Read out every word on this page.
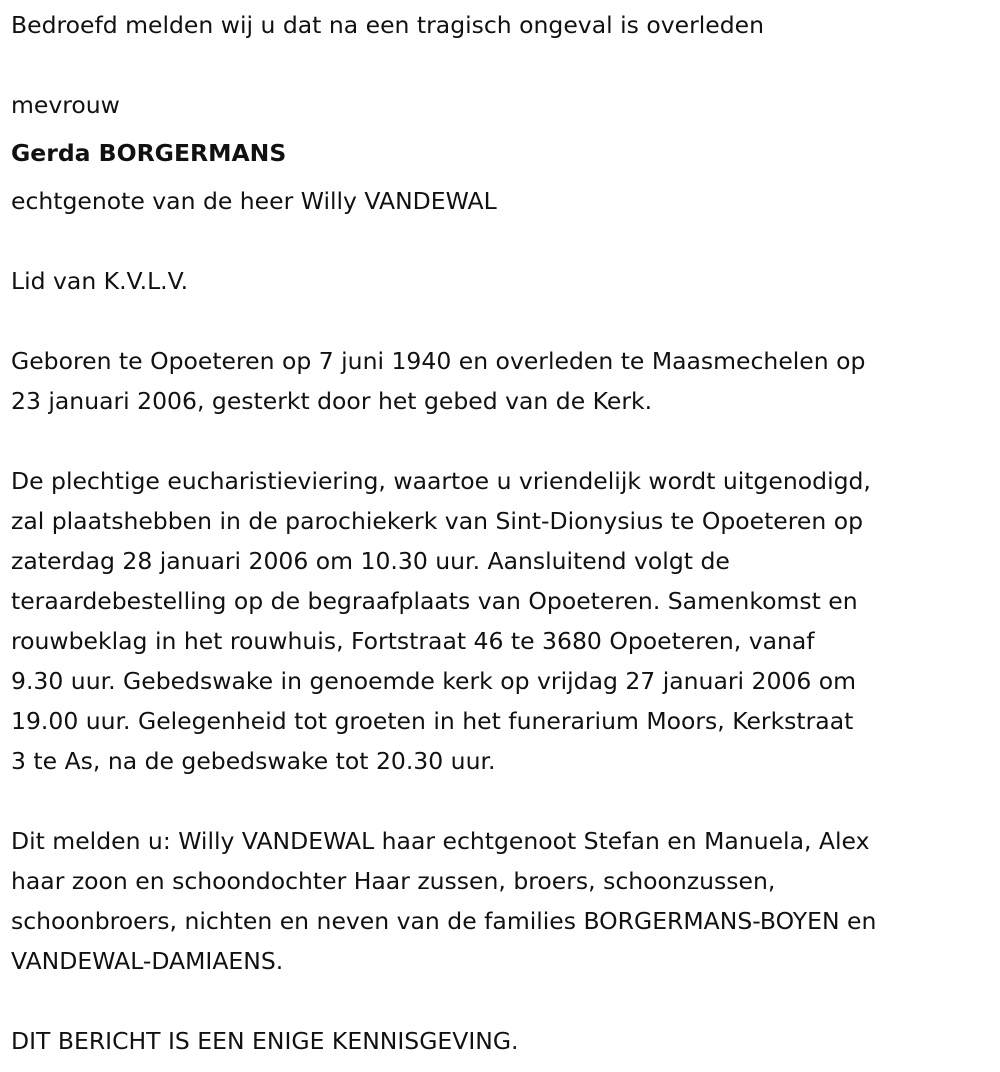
Bedroefd melden wij u dat na een tragisch ongeval is overleden
mevrouw
Gerda BORGERMANS
echtgenote van de heer Willy VANDEWAL
Lid van K.V.L.V.
Geboren te Opoeteren op 7 juni 1940 en overleden te Maasmechelen op
23 januari 2006, gesterkt door het gebed van de Kerk.
De plechtige eucharistieviering, waartoe u vriendelijk wordt uitgenodigd,
zal plaatshebben in de parochiekerk van Sint-Dionysius te Opoeteren op
zaterdag 28 januari 2006 om 10.30 uur. Aansluitend volgt de
teraardebestelling op de begraafplaats van Opoeteren. Samenkomst en
rouwbeklag in het rouwhuis, Fortstraat 46 te 3680 Opoeteren, vanaf
9.30 uur. Gebedswake in genoemde kerk op vrijdag 27 januari 2006 om
19.00 uur. Gelegenheid tot groeten in het funerarium Moors, Kerkstraat
3 te As, na de gebedswake tot 20.30 uur.
Dit melden u: Willy VANDEWAL haar echtgenoot Stefan en Manuela, Alex
haar zoon en schoondochter Haar zussen, broers, schoonzussen,
schoonbroers, nichten en neven van de families BORGERMANS-BOYEN en
VANDEWAL-DAMIAENS.
DIT BERICHT IS EEN ENIGE KENNISGEVING.
